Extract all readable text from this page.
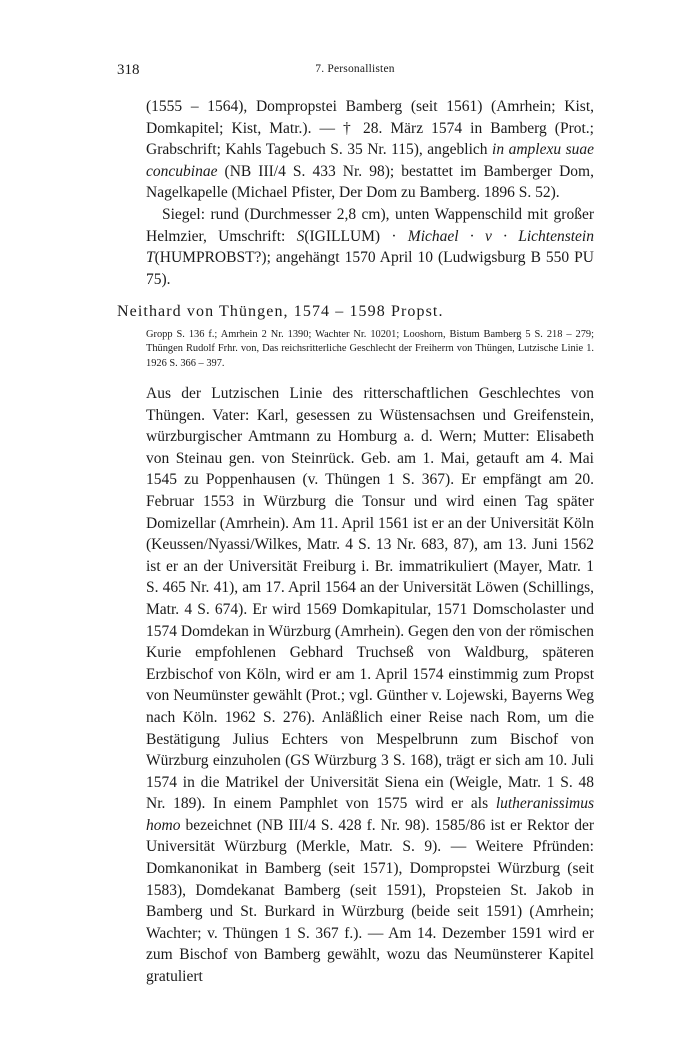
318	7. Personallisten

(1555 – 1564), Dompropstei Bamberg (seit 1561) (Amrhein; Kist, Domkapitel; Kist, Matr.). — † 28. März 1574 in Bamberg (Prot.; Grabschrift; Kahls Tagebuch S. 35 Nr. 115), angeblich in amplexu suae concubinae (NB III/4 S. 433 Nr. 98); bestattet im Bamberger Dom, Nagelkapelle (Michael Pfister, Der Dom zu Bamberg. 1896 S. 52).

Siegel: rund (Durchmesser 2,8 cm), unten Wappenschild mit großer Helmzier, Umschrift: S(IGILLUM) · Michael · v · Lichtenstein T(HUMPROBST?); angehängt 1570 April 10 (Ludwigsburg B 550 PU 75).

Neithard von Thüngen, 1574 – 1598 Propst.

Gropp S. 136 f.; Amrhein 2 Nr. 1390; Wachter Nr. 10201; Looshorn, Bistum Bamberg 5 S. 218 – 279; Thüngen Rudolf Frhr. von, Das reichsritterliche Geschlecht der Freiherrn von Thüngen, Lutzische Linie 1. 1926 S. 366 – 397.

Aus der Lutzischen Linie des ritterschaftlichen Geschlechtes von Thüngen. Vater: Karl, gesessen zu Wüstensachsen und Greifenstein, würzburgischer Amtmann zu Homburg a. d. Wern; Mutter: Elisabeth von Steinau gen. von Steinrück. Geb. am 1. Mai, getauft am 4. Mai 1545 zu Poppenhausen (v. Thüngen 1 S. 367). Er empfängt am 20. Februar 1553 in Würzburg die Tonsur und wird einen Tag später Domizellar (Amrhein). Am 11. April 1561 ist er an der Universität Köln (Keussen/Nyassi/Wilkes, Matr. 4 S. 13 Nr. 683, 87), am 13. Juni 1562 ist er an der Universität Freiburg i. Br. immatrikuliert (Mayer, Matr. 1 S. 465 Nr. 41), am 17. April 1564 an der Universität Löwen (Schillings, Matr. 4 S. 674). Er wird 1569 Domkapitular, 1571 Domscholaster und 1574 Domdekan in Würzburg (Amrhein). Gegen den von der römischen Kurie empfohlenen Gebhard Truchseß von Waldburg, späteren Erzbischof von Köln, wird er am 1. April 1574 einstimmig zum Propst von Neumünster gewählt (Prot.; vgl. Günther v. Lojewski, Bayerns Weg nach Köln. 1962 S. 276). Anläßlich einer Reise nach Rom, um die Bestätigung Julius Echters von Mespelbrunn zum Bischof von Würzburg einzuholen (GS Würzburg 3 S. 168), trägt er sich am 10. Juli 1574 in die Matrikel der Universität Siena ein (Weigle, Matr. 1 S. 48 Nr. 189). In einem Pamphlet von 1575 wird er als lutheranissimus homo bezeichnet (NB III/4 S. 428 f. Nr. 98). 1585/86 ist er Rektor der Universität Würzburg (Merkle, Matr. S. 9). — Weitere Pfründen: Domkanonikat in Bamberg (seit 1571), Dompropstei Würzburg (seit 1583), Domdekanat Bamberg (seit 1591), Propsteien St. Jakob in Bamberg und St. Burkard in Würzburg (beide seit 1591) (Amrhein; Wachter; v. Thüngen 1 S. 367 f.). — Am 14. Dezember 1591 wird er zum Bischof von Bamberg gewählt, wozu das Neumünsterer Kapitel gratuliert
